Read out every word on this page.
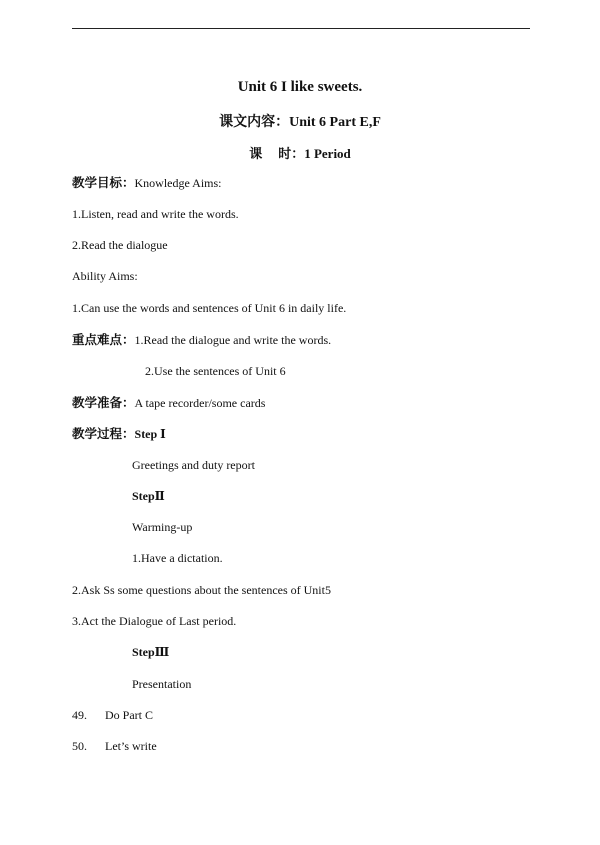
Unit 6 I like sweets.
课文内容：Unit 6 Part E,F
课 时：1 Period
教学目标：Knowledge Aims:
1.Listen, read and write the words.
2.Read the dialogue
Ability Aims:
1.Can use the words and sentences of Unit 6 in daily life.
重点难点：1.Read the dialogue and write the words.
2.Use the sentences of Unit 6
教学准备：A tape recorder/some cards
教学过程：Step Ⅰ
Greetings and duty report
StepⅡ
Warming-up
1.Have a dictation.
2.Ask Ss some questions about the sentences of Unit5
3.Act the Dialogue of Last period.
StepⅢ
Presentation
49. Do Part C
50. Let’s write
